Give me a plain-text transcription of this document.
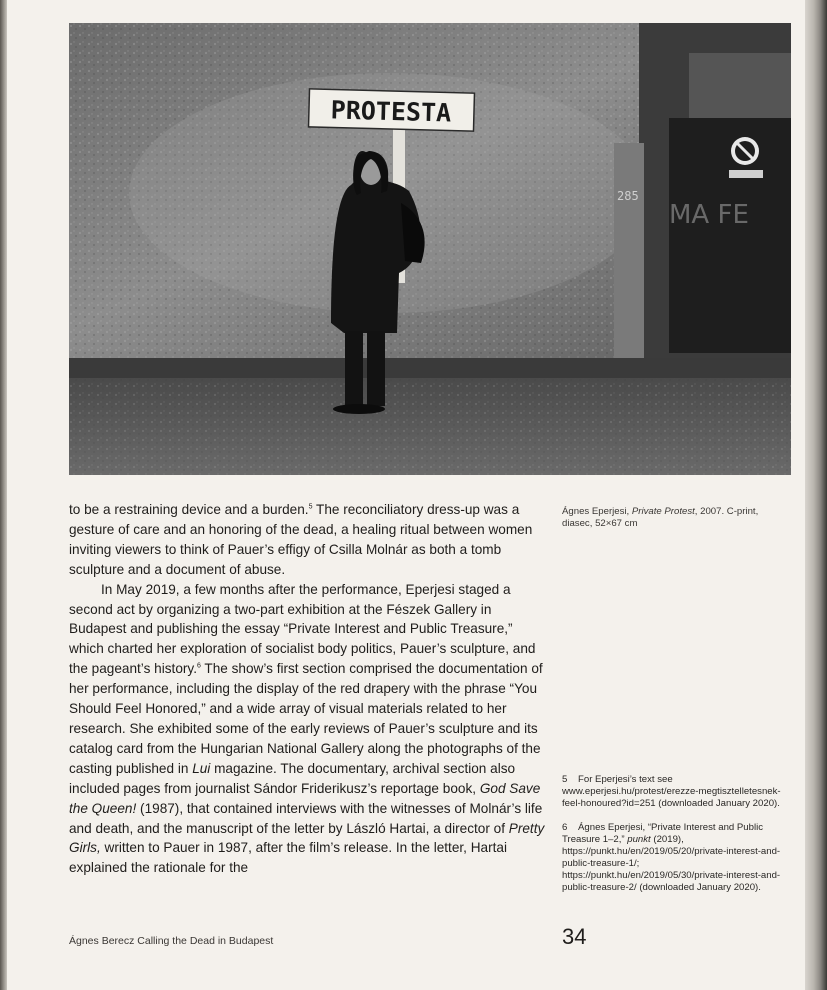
285
MA FE
PROTESTA

to be a restraining device and a burden.$^5$ The reconciliatory dress-up was a gesture of care and an honoring of the dead, a healing ritual between women inviting viewers to think of Pauer’s effigy of Csilla Molnár as both a tomb sculpture and a document of abuse.

In May 2019, a few months after the performance, Eperjesi staged a second act by organizing a two-part exhibition at the Fészek Gallery in Budapest and publishing the essay “Private Interest and Public Treasure,” which charted her exploration of socialist body politics, Pauer’s sculpture, and the pageant’s history.$^6$ The show’s first section comprised the documentation of her performance, including the display of the red drapery with the phrase “You Should Feel Honored,” and a wide array of visual materials related to her research. She exhibited some of the early reviews of Pauer’s sculpture and its catalog card from the Hungarian National Gallery along the photographs of the casting published in Lui magazine. The documentary, archival section also included pages from journalist Sándor Friderikusz’s reportage book, God Save the Queen! (1987), that contained interviews with the witnesses of Molnár’s life and death, and the manuscript of the letter by László Hartai, a director of Pretty Girls, written to Pauer in 1987, after the film’s release. In the letter, Hartai explained the rationale for the

Ágnes Eperjesi, Private Protest, 2007. C-print, diasec, 52×67 cm
5 For Eperjesi’s text see www.eperjesi.hu/protest/erezze-megtisztelletesnek-feel-honoured?id=251 (downloaded January 2020).
6 Ágnes Eperjesi, “Private Interest and Public Treasure 1–2,” punkt (2019), https://punkt.hu/en/2019/05/20/private-interest-and-public-treasure-1/; https://punkt.hu/en/2019/05/30/private-interest-and-public-treasure-2/ (downloaded January 2020).
Ágnes Berecz Calling the Dead in Budapest	34
